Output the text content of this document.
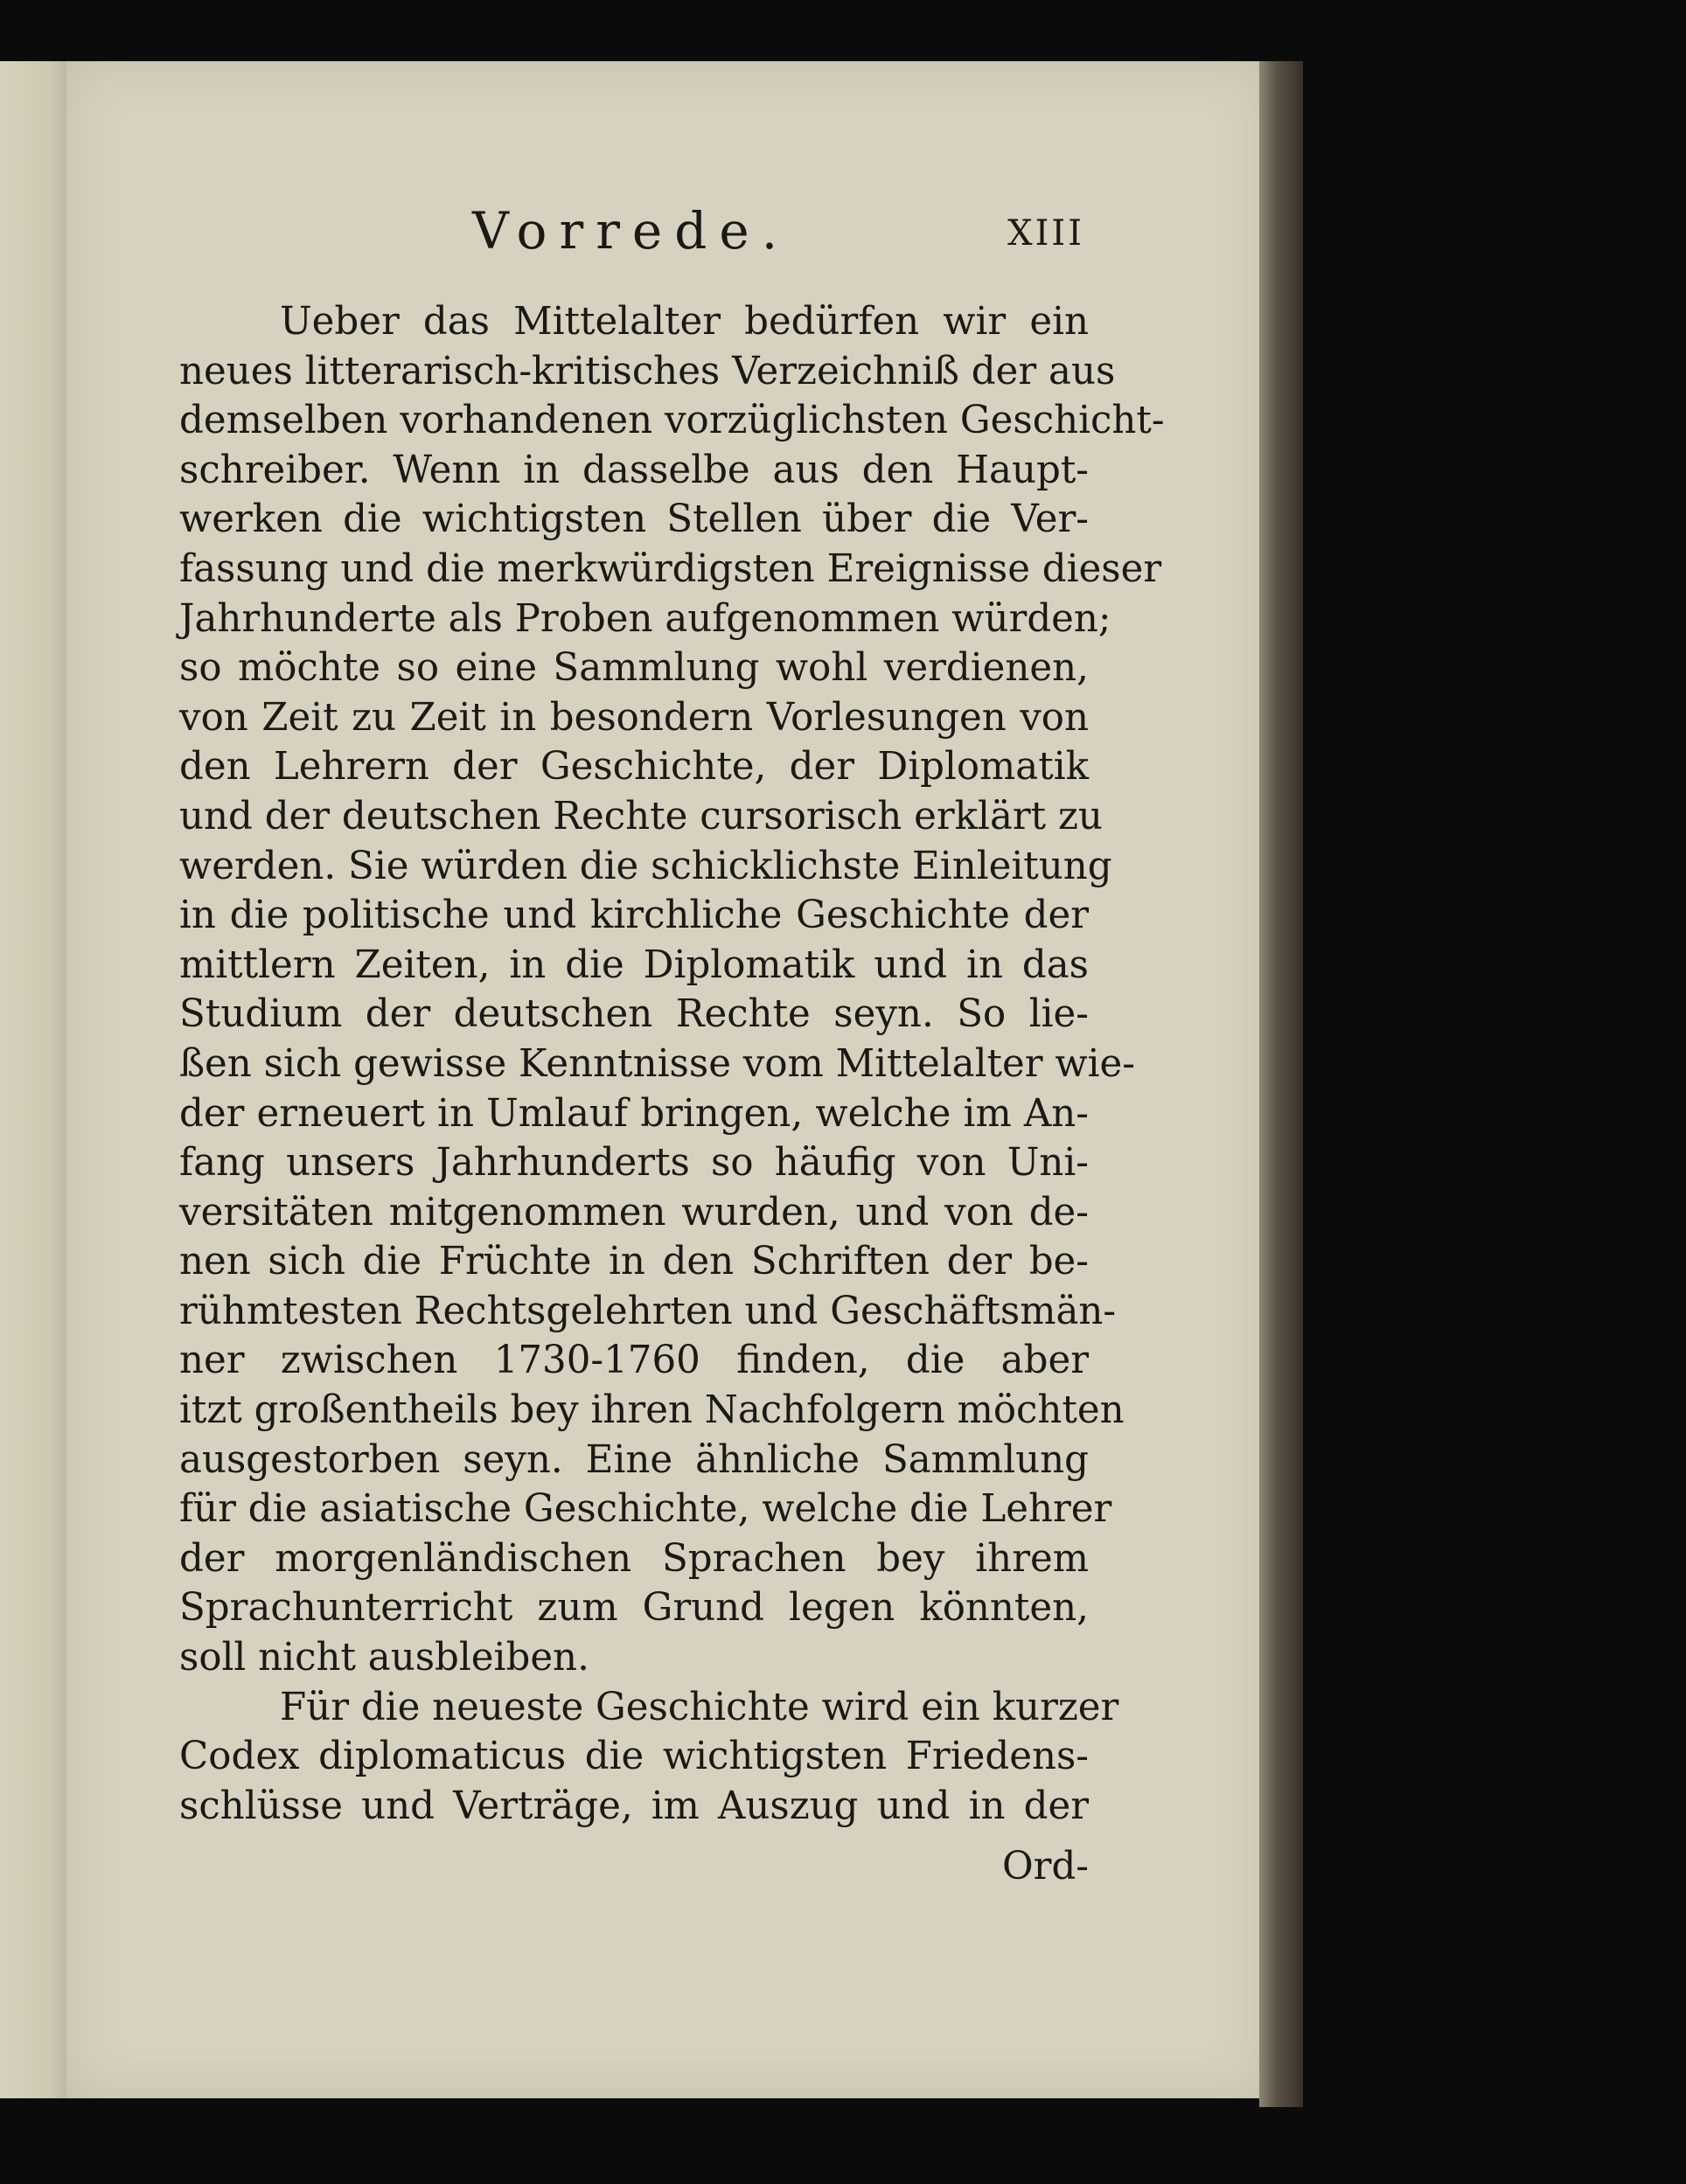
Vorrede.	XIII
Ueber das Mittelalter bedürfen wir ein
neues litterarisch-kritisches Verzeichniß der aus
demselben vorhandenen vorzüglichsten Geschicht-
schreiber. Wenn in dasselbe aus den Haupt-
werken die wichtigsten Stellen über die Ver-
fassung und die merkwürdigsten Ereignisse dieser
Jahrhunderte als Proben aufgenommen würden;
so möchte so eine Sammlung wohl verdienen,
von Zeit zu Zeit in besondern Vorlesungen von
den Lehrern der Geschichte, der Diplomatik
und der deutschen Rechte cursorisch erklärt zu
werden. Sie würden die schicklichste Einleitung
in die politische und kirchliche Geschichte der
mittlern Zeiten, in die Diplomatik und in das
Studium der deutschen Rechte seyn. So lie-
ßen sich gewisse Kenntnisse vom Mittelalter wie-
der erneuert in Umlauf bringen, welche im An-
fang unsers Jahrhunderts so häufig von Uni-
versitäten mitgenommen wurden, und von de-
nen sich die Früchte in den Schriften der be-
rühmtesten Rechtsgelehrten und Geschäftsmän-
ner zwischen 1730-1760 finden, die aber
itzt großentheils bey ihren Nachfolgern möchten
ausgestorben seyn. Eine ähnliche Sammlung
für die asiatische Geschichte, welche die Lehrer
der morgenländischen Sprachen bey ihrem
Sprachunterricht zum Grund legen könnten,
soll nicht ausbleiben.
Für die neueste Geschichte wird ein kurzer
Codex diplomaticus die wichtigsten Friedens-
schlüsse und Verträge, im Auszug und in der
Ord-
